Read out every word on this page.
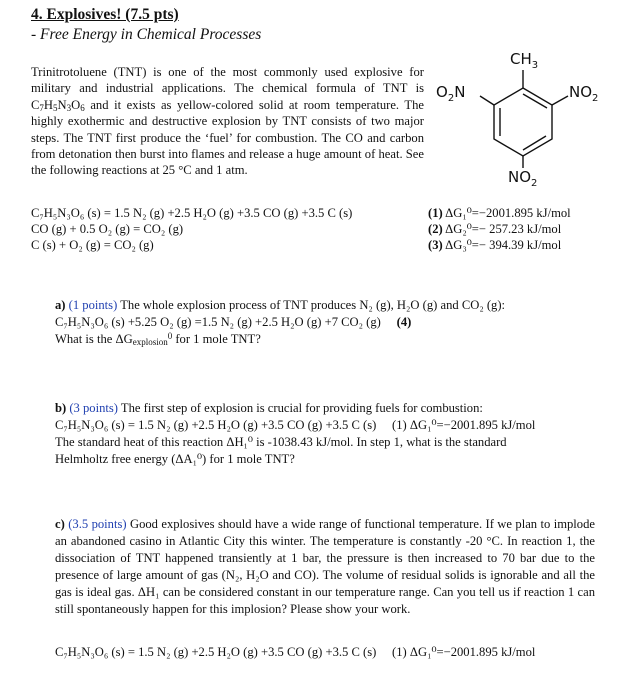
4. Explosives! (7.5 pts)
- Free Energy in Chemical Processes
Trinitrotoluene (TNT) is one of the most commonly used explosive for military and industrial applications. The chemical formula of TNT is $C_7H_5N_3O_6$ and it exists as yellow-colored solid at room temperature. The highly exothermic and destructive explosion by TNT consists of two major steps. The TNT first produce the ‘fuel’ for combustion. The CO and carbon from detonation then burst into flames and release a huge amount of heat. See the following reactions at 25 °C and 1 atm.
$CH_3$
$O_2N$	$NO_2$
$NO_2$
C₇H₅N₃O₆ (s) = 1.5 N₂ (g) +2.5 H₂O (g) +3.5 CO (g) +3.5 C (s)	(1) ΔG₁⁰=−2001.895 kJ/mol
CO (g) + 0.5 O₂ (g) = CO₂ (g)	(2) ΔG₂⁰=− 257.23 kJ/mol
C (s) + O₂ (g) = CO₂ (g)	(3) ΔG₃⁰=− 394.39 kJ/mol
a) (1 points) The whole explosion process of TNT produces N₂ (g), H₂O (g) and CO₂ (g):
C₇H₅N₃O₆ (s) +5.25 O₂ (g) =1.5 N₂ (g) +2.5 H₂O (g) +7 CO₂ (g) (4)
What is the $\Delta G_{explosion}^0$ for 1 mole TNT?
b) (3 points) The first step of explosion is crucial for providing fuels for combustion:
C₇H₅N₃O₆ (s) = 1.5 N₂ (g) +2.5 H₂O (g) +3.5 CO (g) +3.5 C (s) (1) ΔG₁⁰=−2001.895 kJ/mol
The standard heat of this reaction ΔH₁⁰ is -1038.43 kJ/mol. In step 1, what is the standard
Helmholtz free energy (ΔA₁⁰) for 1 mole TNT?
c) (3.5 points) Good explosives should have a wide range of functional temperature. If we plan to implode an abandoned casino in Atlantic City this winter. The temperature is constantly -20 °C. In reaction 1, the dissociation of TNT happened transiently at 1 bar, the pressure is then increased to 70 bar due to the presence of large amount of gas (N₂, H₂O and CO). The volume of residual solids is ignorable and all the gas is ideal gas. ΔH₁ can be considered constant in our temperature range. Can you tell us if reaction 1 can still spontaneously happen for this implosion? Please show your work.
C₇H₅N₃O₆ (s) = 1.5 N₂ (g) +2.5 H₂O (g) +3.5 CO (g) +3.5 C (s) (1) ΔG₁⁰=−2001.895 kJ/mol
